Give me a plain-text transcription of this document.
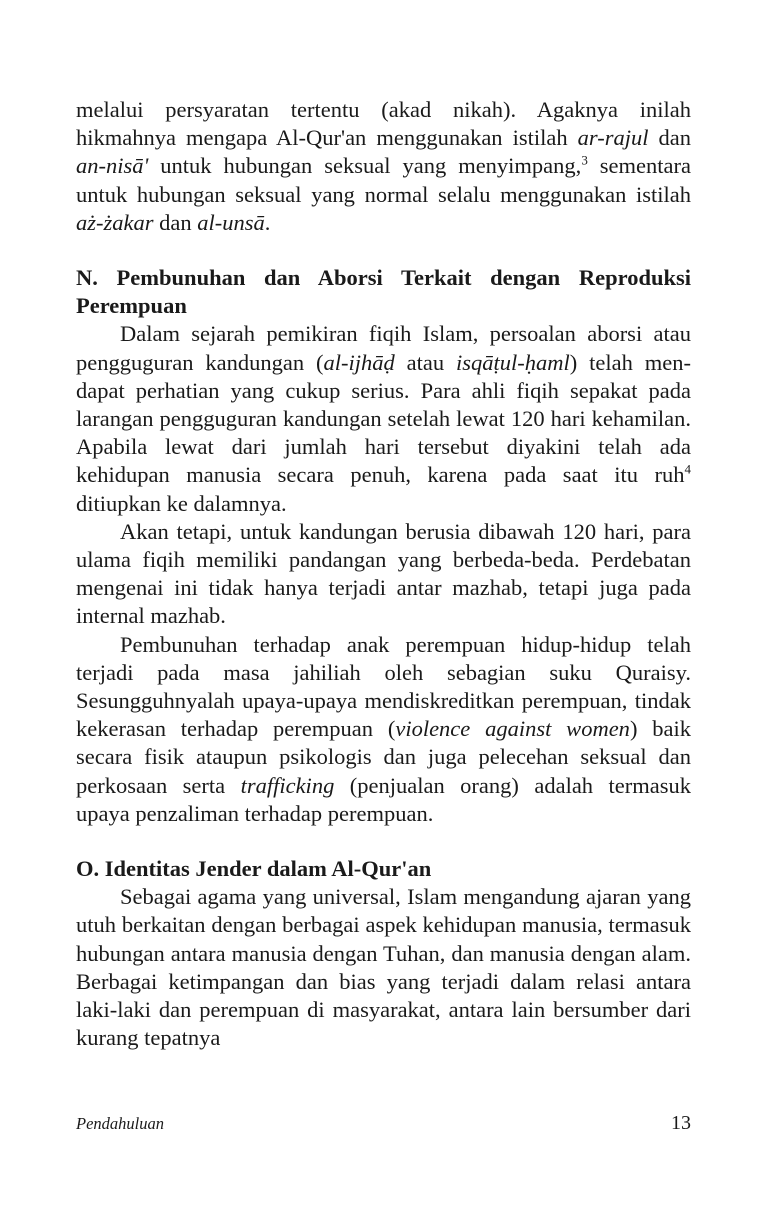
melalui persyaratan tertentu (akad nikah). Agaknya inilah hikmahnya mengapa Al-Qur'an menggunakan istilah ar-rajul dan an-nisā' untuk hubungan seksual yang menyimpang,$^3$ sementara untuk hubungan seksual yang normal selalu menggunakan istilah aż-żakar dan al-unsā.

N. Pembunuhan dan Aborsi Terkait dengan Reproduksi Perempuan

Dalam sejarah pemikiran fiqih Islam, persoalan aborsi atau pengguguran kandungan (al-ijhāḍ atau isqāṭul-ḥaml) telah men-dapat perhatian yang cukup serius. Para ahli fiqih sepakat pada larangan pengguguran kandungan setelah lewat 120 hari kehamilan. Apabila lewat dari jumlah hari tersebut diyakini telah ada kehidupan manusia secara penuh, karena pada saat itu ruh$^4$ ditiupkan ke dalamnya.

Akan tetapi, untuk kandungan berusia dibawah 120 hari, para ulama fiqih memiliki pandangan yang berbeda-beda. Perdebatan mengenai ini tidak hanya terjadi antar mazhab, tetapi juga pada internal mazhab.

Pembunuhan terhadap anak perempuan hidup-hidup telah terjadi pada masa jahiliah oleh sebagian suku Quraisy. Sesungguhnyalah upaya-upaya mendiskreditkan perempuan, tindak kekerasan terhadap perempuan (violence against women) baik secara fisik ataupun psikologis dan juga pelecehan seksual dan perkosaan serta trafficking (penjualan orang) adalah termasuk upaya penzaliman terhadap perempuan.

O. Identitas Jender dalam Al-Qur'an

Sebagai agama yang universal, Islam mengandung ajaran yang utuh berkaitan dengan berbagai aspek kehidupan manusia, termasuk hubungan antara manusia dengan Tuhan, dan manusia dengan alam. Berbagai ketimpangan dan bias yang terjadi dalam relasi antara laki-laki dan perempuan di masyarakat, antara lain bersumber dari kurang tepatnya

Pendahuluan	13
